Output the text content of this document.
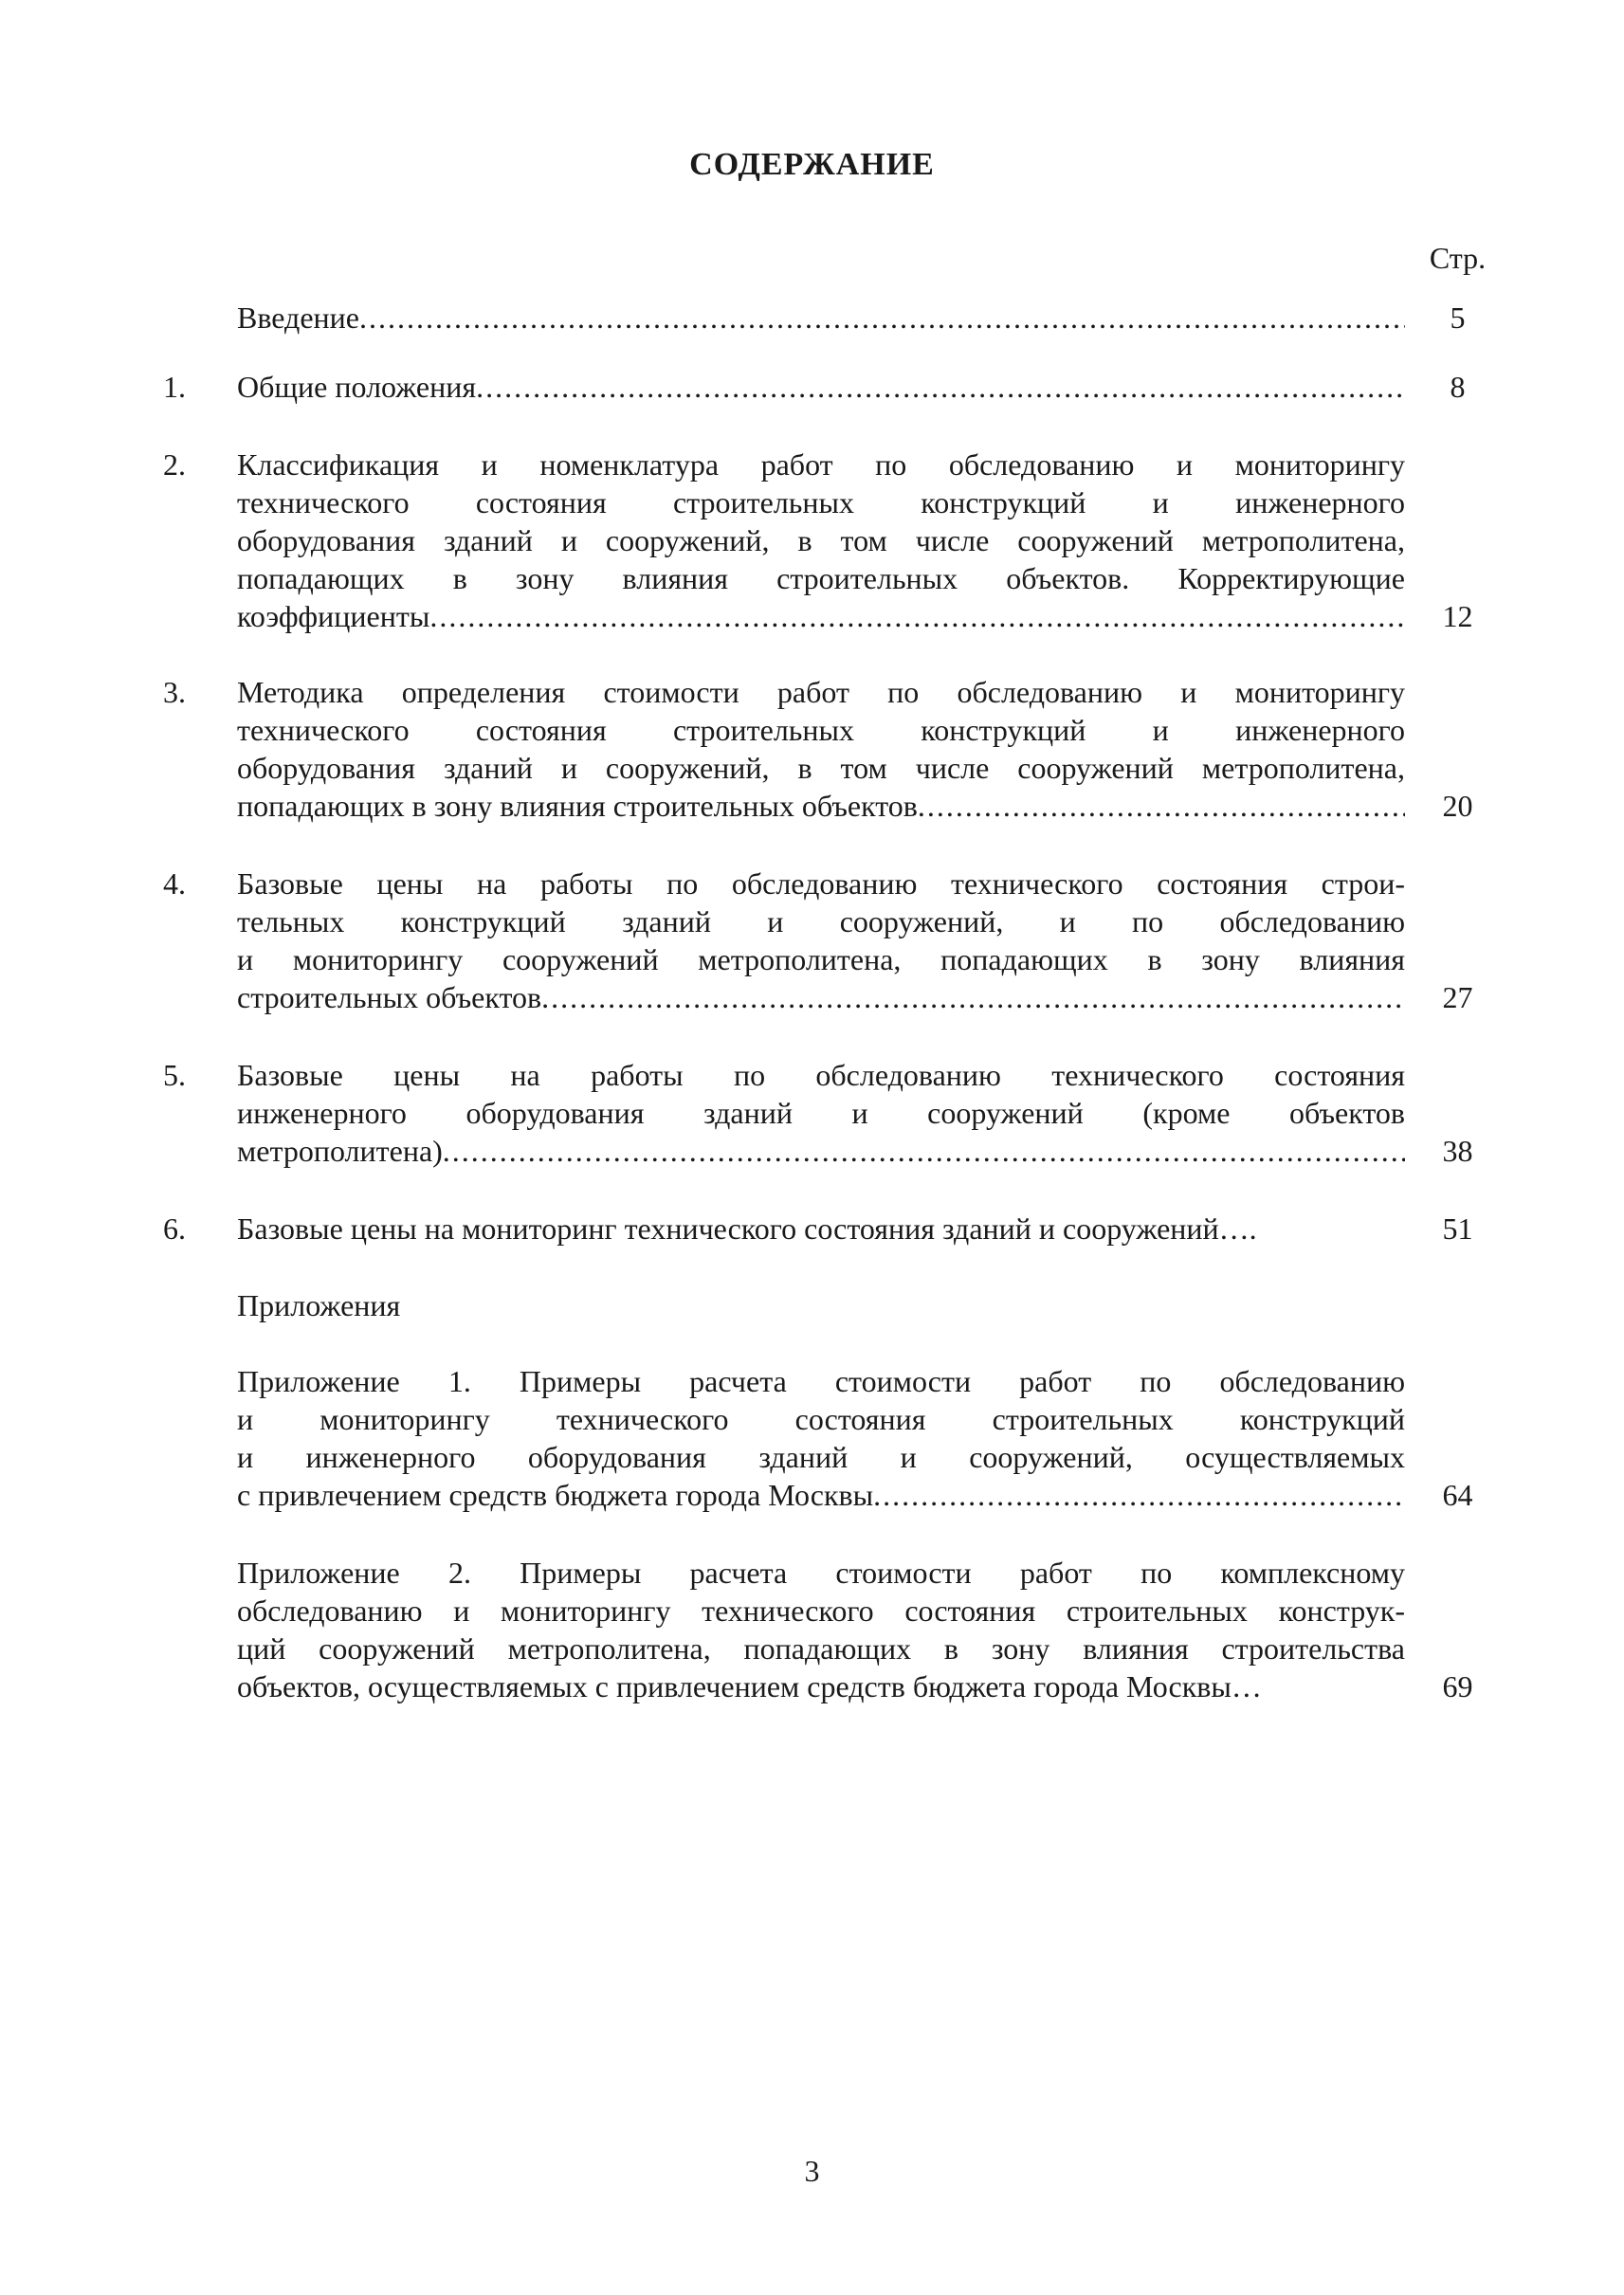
СОДЕРЖАНИЕ
Стр.
Введение .....	5
1. Общие положения .....	8
2. Классификация и номенклатура работ по обследованию и мониторингу
технического состояния строительных конструкций и инженерного
оборудования зданий и сооружений, в том числе сооружений метрополитена,
попадающих в зону влияния строительных объектов. Корректирующие
коэффициенты .....	12
3. Методика определения стоимости работ по обследованию и мониторингу
технического состояния строительных конструкций и инженерного
оборудования зданий и сооружений, в том числе сооружений метрополитена,
попадающих в зону влияния строительных объектов .....	20
4. Базовые цены на работы по обследованию технического состояния строи-
тельных конструкций зданий и сооружений, и по обследованию
и мониторингу сооружений метрополитена, попадающих в зону влияния
строительных объектов .....	27
5. Базовые цены на работы по обследованию технического состояния
инженерного оборудования зданий и сооружений (кроме объектов
метрополитена) .....	38
6. Базовые цены на мониторинг технического состояния зданий и сооружений….	51
Приложения
Приложение 1. Примеры расчета стоимости работ по обследованию
и мониторингу технического состояния строительных конструкций
и инженерного оборудования зданий и сооружений, осуществляемых
с привлечением средств бюджета города Москвы .....	64
Приложение 2. Примеры расчета стоимости работ по комплексному
обследованию и мониторингу технического состояния строительных конструк-
ций сооружений метрополитена, попадающих в зону влияния строительства
объектов, осуществляемых с привлечением средств бюджета города Москвы…	69
3
